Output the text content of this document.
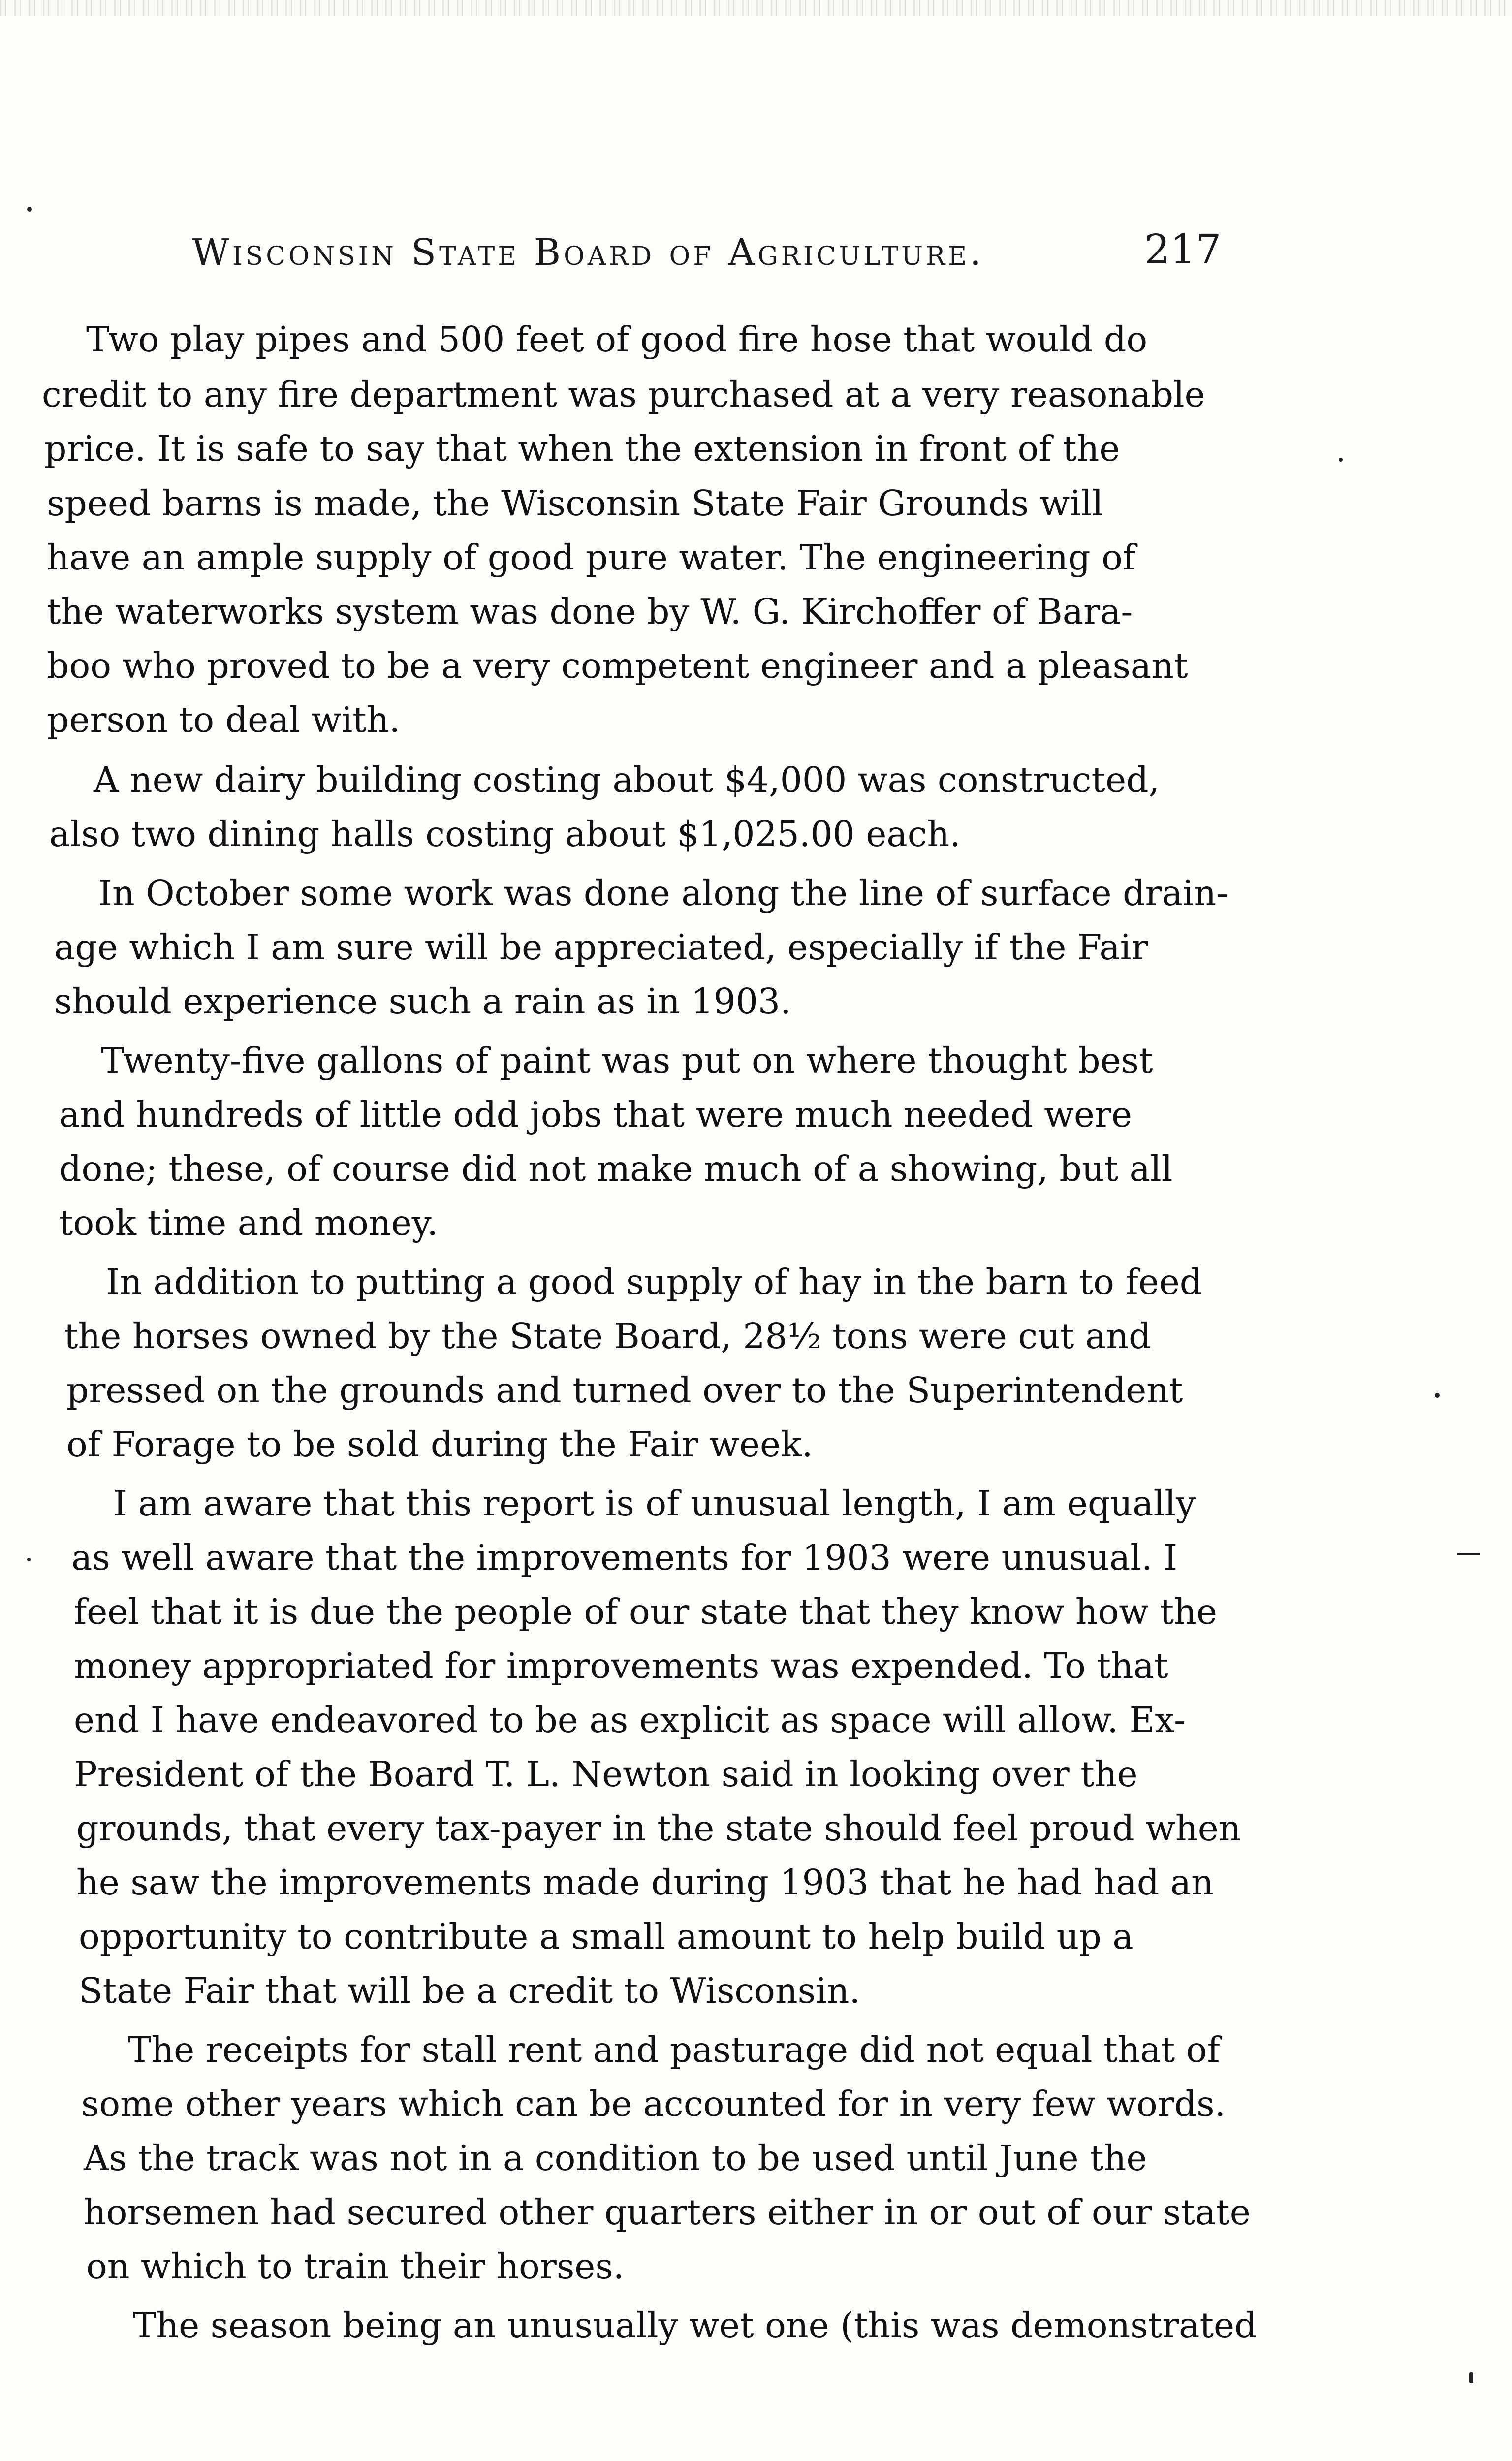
Wisconsin State Board of Agriculture.	217
Two play pipes and 500 feet of good fire hose that would do
credit to any fire department was purchased at a very reasonable
price. It is safe to say that when the extension in front of the
speed barns is made, the Wisconsin State Fair Grounds will
have an ample supply of good pure water. The engineering of
the waterworks system was done by W. G. Kirchoffer of Bara-
boo who proved to be a very competent engineer and a pleasant
person to deal with.
A new dairy building costing about $4,000 was constructed,
also two dining halls costing about $1,025.00 each.
In October some work was done along the line of surface drain-
age which I am sure will be appreciated, especially if the Fair
should experience such a rain as in 1903.
Twenty-five gallons of paint was put on where thought best
and hundreds of little odd jobs that were much needed were
done; these, of course did not make much of a showing, but all
took time and money.
In addition to putting a good supply of hay in the barn to feed
the horses owned by the State Board, 28½ tons were cut and
pressed on the grounds and turned over to the Superintendent
of Forage to be sold during the Fair week.
I am aware that this report is of unusual length, I am equally
as well aware that the improvements for 1903 were unusual. I
feel that it is due the people of our state that they know how the
money appropriated for improvements was expended. To that
end I have endeavored to be as explicit as space will allow. Ex-
President of the Board T. L. Newton said in looking over the
grounds, that every tax-payer in the state should feel proud when
he saw the improvements made during 1903 that he had had an
opportunity to contribute a small amount to help build up a
State Fair that will be a credit to Wisconsin.
The receipts for stall rent and pasturage did not equal that of
some other years which can be accounted for in very few words.
As the track was not in a condition to be used until June the
horsemen had secured other quarters either in or out of our state
on which to train their horses.
The season being an unusually wet one (this was demonstrated
